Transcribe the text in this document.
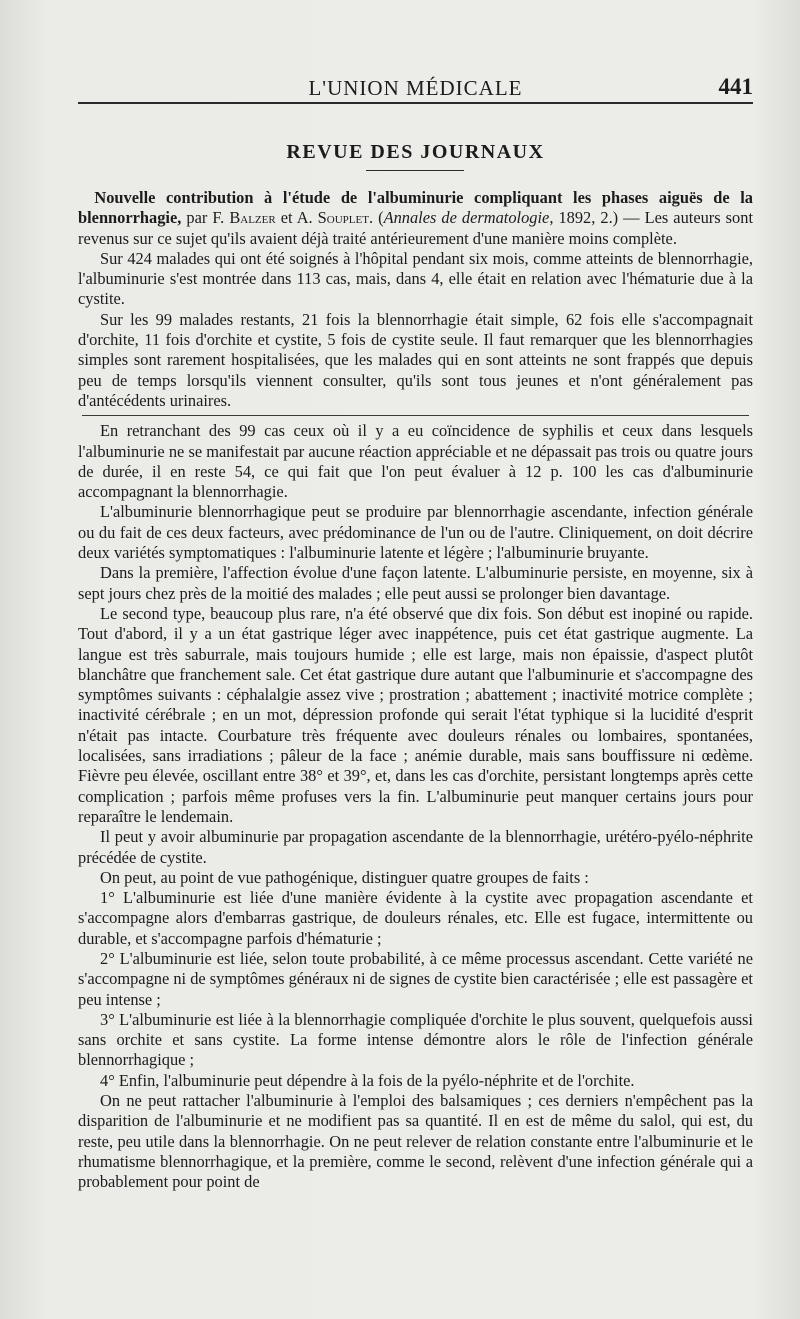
L'UNION MÉDICALE	441
REVUE DES JOURNAUX

 Nouvelle contribution à l'étude de l'albuminurie compliquant les phases aiguës de la blennorrhagie, par F. Balzer et A. Souplet. (Annales de dermatologie, 1892, 2.) — Les auteurs sont revenus sur ce sujet qu'ils avaient déjà traité antérieurement d'une manière moins complète.

Sur 424 malades qui ont été soignés à l'hôpital pendant six mois, comme atteints de blennorrhagie, l'albuminurie s'est montrée dans 113 cas, mais, dans 4, elle était en relation avec l'hématurie due à la cystite.

Sur les 99 malades restants, 21 fois la blennorrhagie était simple, 62 fois elle s'accompagnait d'orchite, 11 fois d'orchite et cystite, 5 fois de cystite seule. Il faut remarquer que les blennorrhagies simples sont rarement hospitalisées, que les malades qui en sont atteints ne sont frappés que depuis peu de temps lorsqu'ils viennent consulter, qu'ils sont tous jeunes et n'ont généralement pas d'antécédents urinaires.

En retranchant des 99 cas ceux où il y a eu coïncidence de syphilis et ceux dans lesquels l'albuminurie ne se manifestait par aucune réaction appréciable et ne dépassait pas trois ou quatre jours de durée, il en reste 54, ce qui fait que l'on peut évaluer à 12 p. 100 les cas d'albuminurie accompagnant la blennorrhagie.

L'albuminurie blennorrhagique peut se produire par blennorrhagie ascendante, infection générale ou du fait de ces deux facteurs, avec prédominance de l'un ou de l'autre. Cliniquement, on doit décrire deux variétés symptomatiques : l'albuminurie latente et légère ; l'albuminurie bruyante.

Dans la première, l'affection évolue d'une façon latente. L'albuminurie persiste, en moyenne, six à sept jours chez près de la moitié des malades ; elle peut aussi se prolonger bien davantage.

Le second type, beaucoup plus rare, n'a été observé que dix fois. Son début est inopiné ou rapide. Tout d'abord, il y a un état gastrique léger avec inappétence, puis cet état gastrique augmente. La langue est très saburrale, mais toujours humide ; elle est large, mais non épaissie, d'aspect plutôt blanchâtre que franchement sale. Cet état gastrique dure autant que l'albuminurie et s'accompagne des symptômes suivants : céphalalgie assez vive ; prostration ; abattement ; inactivité motrice complète ; inactivité cérébrale ; en un mot, dépression profonde qui serait l'état typhique si la lucidité d'esprit n'était pas intacte. Courbature très fréquente avec douleurs rénales ou lombaires, spontanées, localisées, sans irradiations ; pâleur de la face ; anémie durable, mais sans bouffissure ni œdème. Fièvre peu élevée, oscillant entre 38° et 39°, et, dans les cas d'orchite, persistant longtemps après cette complication ; parfois même profuses vers la fin. L'albuminurie peut manquer certains jours pour reparaître le lendemain.

Il peut y avoir albuminurie par propagation ascendante de la blennorrhagie, urétéro-pyélo-néphrite précédée de cystite.

On peut, au point de vue pathogénique, distinguer quatre groupes de faits :

1° L'albuminurie est liée d'une manière évidente à la cystite avec propagation ascendante et s'accompagne alors d'embarras gastrique, de douleurs rénales, etc. Elle est fugace, intermittente ou durable, et s'accompagne parfois d'hématurie ;

2° L'albuminurie est liée, selon toute probabilité, à ce même processus ascendant. Cette variété ne s'accompagne ni de symptômes généraux ni de signes de cystite bien caractérisée ; elle est passagère et peu intense ;

3° L'albuminurie est liée à la blennorrhagie compliquée d'orchite le plus souvent, quelquefois aussi sans orchite et sans cystite. La forme intense démontre alors le rôle de l'infection générale blennorrhagique ;

4° Enfin, l'albuminurie peut dépendre à la fois de la pyélo-néphrite et de l'orchite.

On ne peut rattacher l'albuminurie à l'emploi des balsamiques ; ces derniers n'empêchent pas la disparition de l'albuminurie et ne modifient pas sa quantité. Il en est de même du salol, qui est, du reste, peu utile dans la blennorrhagie. On ne peut relever de relation constante entre l'albuminurie et le rhumatisme blennorrhagique, et la première, comme le second, relèvent d'une infection générale qui a probablement pour point de
